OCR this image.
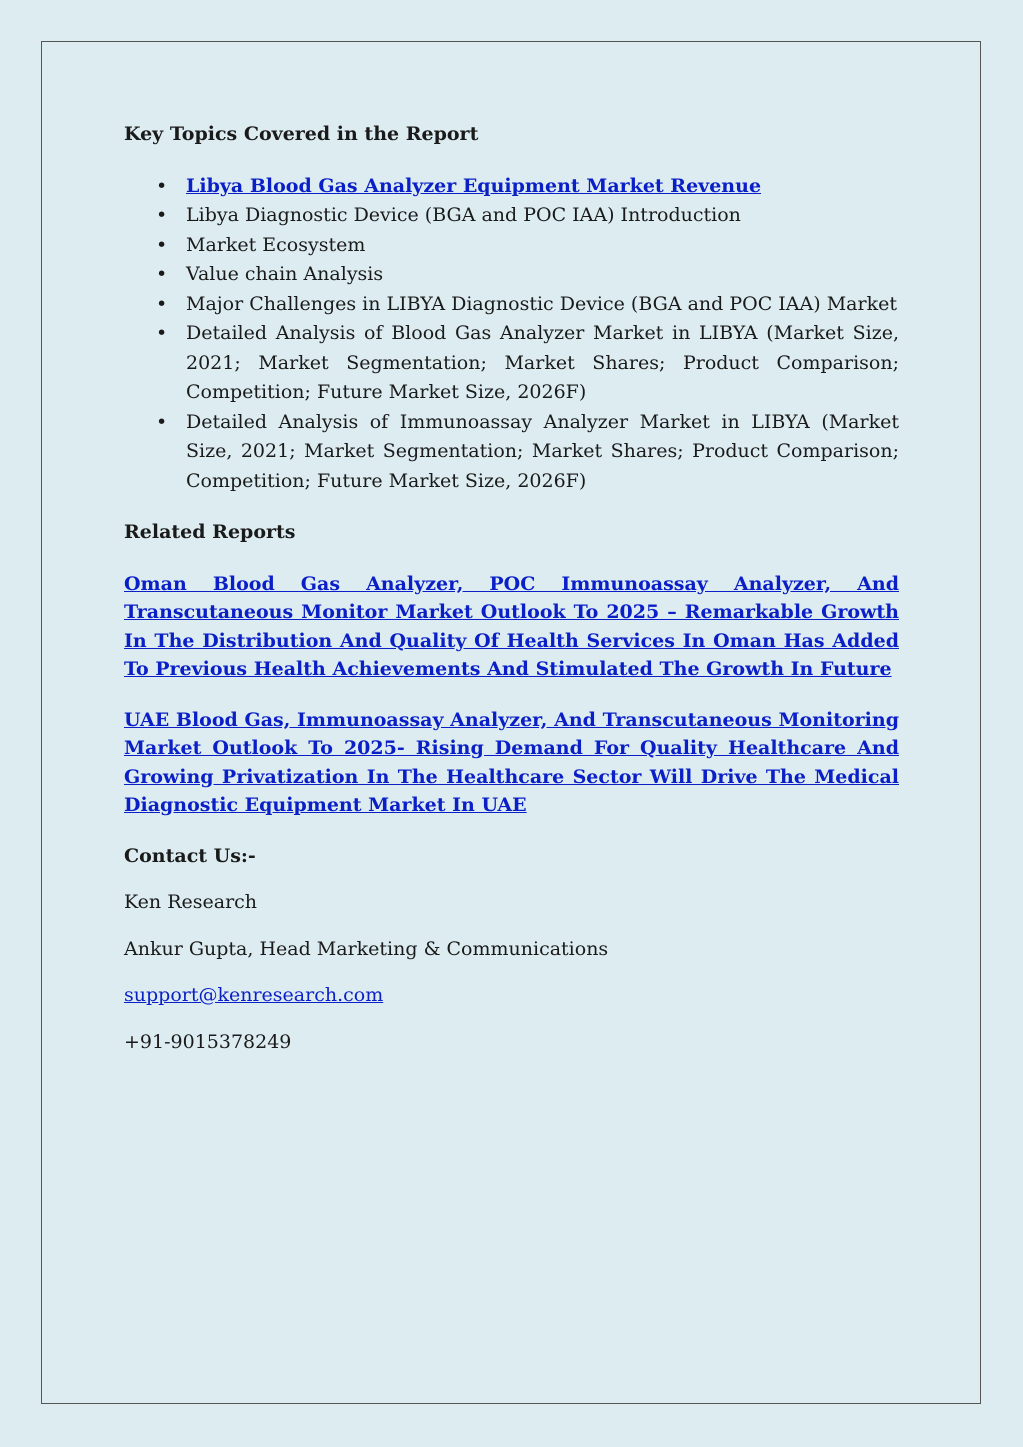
Key Topics Covered in the Report
• Libya Blood Gas Analyzer Equipment Market Revenue
• Libya Diagnostic Device (BGA and POC IAA) Introduction
• Market Ecosystem
• Value chain Analysis
• Major Challenges in LIBYA Diagnostic Device (BGA and POC IAA) Market
• Detailed Analysis of Blood Gas Analyzer Market in LIBYA (Market Size, 2021; Market Segmentation; Market Shares; Product Comparison; Competition; Future Market Size, 2026F)
• Detailed Analysis of Immunoassay Analyzer Market in LIBYA (Market Size, 2021; Market Segmentation; Market Shares; Product Comparison; Competition; Future Market Size, 2026F)
Related Reports
Oman Blood Gas Analyzer, POC Immunoassay Analyzer, And Transcutaneous Monitor Market Outlook To 2025 – Remarkable Growth In The Distribution And Quality Of Health Services In Oman Has Added To Previous Health Achievements And Stimulated The Growth In Future
UAE Blood Gas, Immunoassay Analyzer, And Transcutaneous Monitoring Market Outlook To 2025- Rising Demand For Quality Healthcare And Growing Privatization In The Healthcare Sector Will Drive The Medical Diagnostic Equipment Market In UAE
Contact Us:-
Ken Research
Ankur Gupta, Head Marketing & Communications
support@kenresearch.com
+91-9015378249
